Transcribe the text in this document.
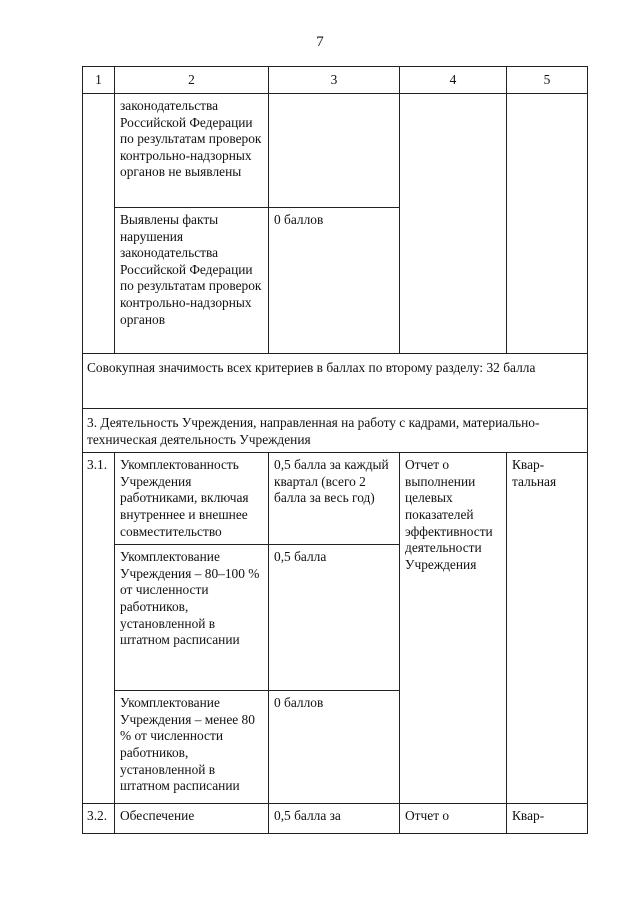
7
1	2	3	4	5
	законодательства Российской Федерации по результатам проверок контрольно-надзорных органов не выявлены			
	Выявлены факты нарушения законодательства Российской Федерации по результатам проверок контрольно-надзорных органов	0 баллов		
Совокупная значимость всех критериев в баллах по второму разделу: 32 балла				
3. Деятельность Учреждения, направленная на работу с кадрами, материально-техническая деятельность Учреждения				
3.1.	Укомплектованность Учреждения работниками, включая внутреннее и внешнее совместительство	0,5 балла за каждый квартал (всего 2 балла за весь год)	Отчет о выполнении целевых показателей эффективности деятельности Учреждения	Квар-тальная
	Укомплектование Учреждения – 80–100 % от численности работников, установленной в штатном расписании	0,5 балла		
	Укомплектование Учреждения – менее 80 % от численности работников, установленной в штатном расписании	0 баллов		
3.2.	Обеспечение	0,5 балла за	Отчет о	Квар-
